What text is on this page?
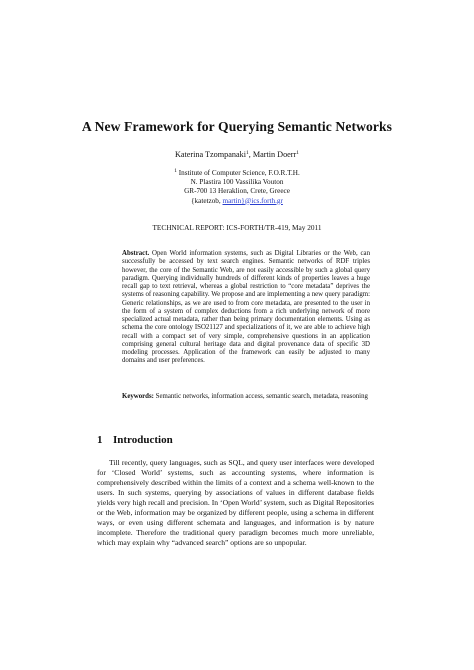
A New Framework for Querying Semantic Networks
Katerina Tzompanaki$^1$, Martin Doerr$^1$
$^1$ Institute of Computer Science, F.O.R.T.H.
N. Plastira 100 Vassilika Vouton
GR-700 13 Heraklion, Crete, Greece
{katetzob, martin}@ics.forth.gr
TECHNICAL REPORT: ICS-FORTH/TR-419, May 2011

Abstract. Open World information systems, such as Digital Libraries or the Web, can successfully be accessed by text search engines. Semantic networks of RDF triples however, the core of the Semantic Web, are not easily accessible by such a global query paradigm. Querying individually hundreds of different kinds of properties leaves a huge recall gap to text retrieval, whereas a global restriction to “core metadata” deprives the systems of reasoning capability. We propose and are implementing a new query paradigm: Generic relationships, as we are used to from core metadata, are presented to the user in the form of a system of complex deductions from a rich underlying network of more specialized actual metadata, rather than being primary documentation elements. Using as schema the core ontology ISO21127 and specializations of it, we are able to achieve high recall with a compact set of very simple, comprehensive questions in an application comprising general cultural heritage data and digital provenance data of specific 3D modeling processes. Application of the framework can easily be adjusted to many domains and user preferences.

Keywords: Semantic networks, information access, semantic search, metadata, reasoning

1 Introduction

Till recently, query languages, such as SQL, and query user interfaces were developed for ‘Closed World’ systems, such as accounting systems, where information is comprehensively described within the limits of a context and a schema well-known to the users. In such systems, querying by associations of values in different database fields yields very high recall and precision. In ‘Open World’ system, such as Digital Repositories or the Web, information may be organized by different people, using a schema in different ways, or even using different schemata and languages, and information is by nature incomplete. Therefore the traditional query paradigm becomes much more unreliable, which may explain why “advanced search” options are so unpopular.
